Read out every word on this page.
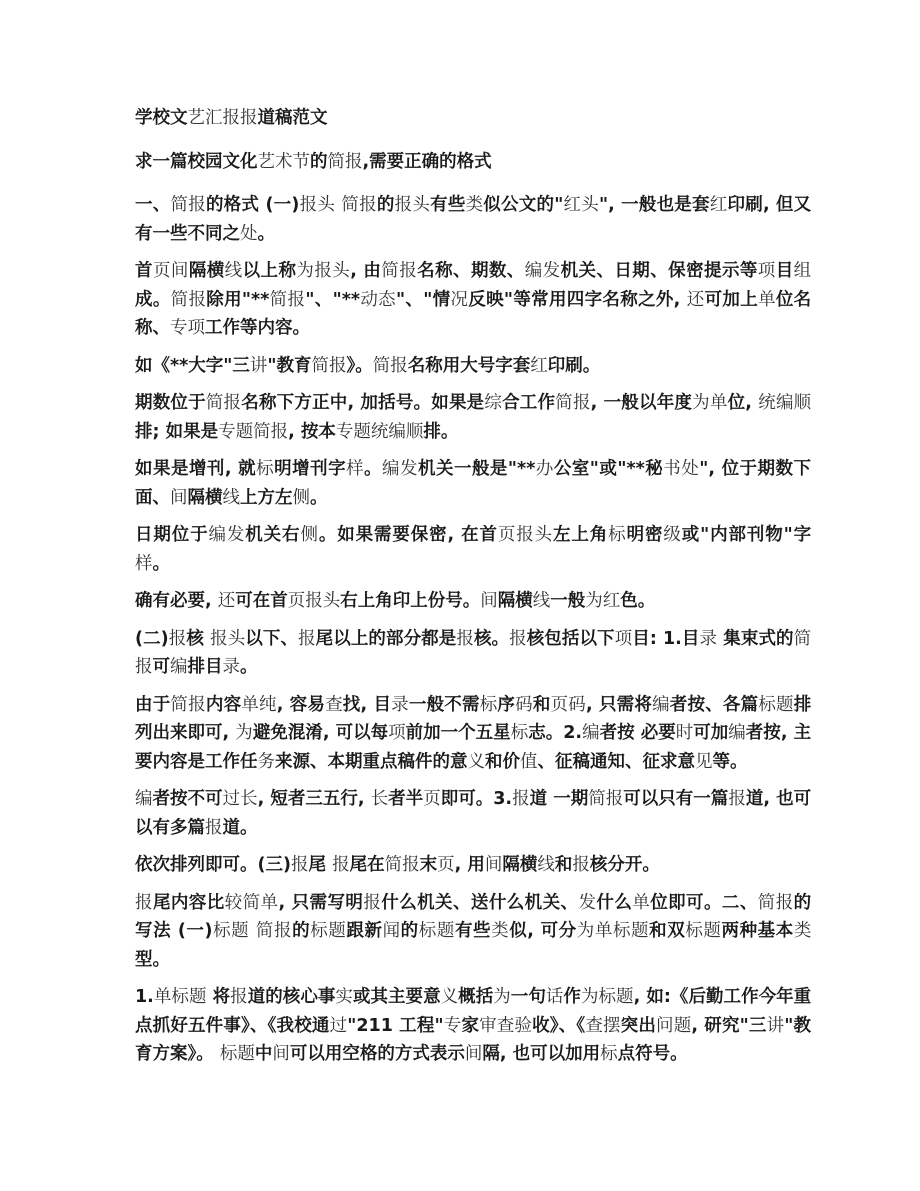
学校文艺汇报报道稿范文

求一篇校园文化艺术节的简报,需要正确的格式

一、简报的格式 (一)报头 简报的报头有些类似公文的"红头", 一般也是套红印刷, 但又有一些不同之处。

首页间隔横线以上称为报头, 由简报名称、期数、编发机关、日期、保密提示等项目组成。简报除用"**简报"、"**动态"、"情况反映"等常用四字名称之外, 还可加上单位名称、专项工作等内容。

如《**大字"三讲"教育简报》。简报名称用大号字套红印刷。

期数位于简报名称下方正中, 加括号。如果是综合工作简报, 一般以年度为单位, 统编顺排; 如果是专题简报, 按本专题统编顺排。

如果是增刊, 就标明增刊字样。编发机关一般是"**办公室"或"**秘书处", 位于期数下面、间隔横线上方左侧。

日期位于编发机关右侧。如果需要保密, 在首页报头左上角标明密级或"内部刊物"字样。

确有必要, 还可在首页报头右上角印上份号。间隔横线一般为红色。

(二)报核 报头以下、报尾以上的部分都是报核。报核包括以下项目: 1.目录 集束式的简报可编排目录。

由于简报内容单纯, 容易查找, 目录一般不需标序码和页码, 只需将编者按、各篇标题排列出来即可, 为避免混淆, 可以每项前加一个五星标志。2.编者按 必要时可加编者按, 主要内容是工作任务来源、本期重点稿件的意义和价值、征稿通知、征求意见等。

编者按不可过长, 短者三五行, 长者半页即可。3.报道 一期简报可以只有一篇报道, 也可以有多篇报道。

依次排列即可。(三)报尾 报尾在简报末页, 用间隔横线和报核分开。

报尾内容比较简单, 只需写明报什么机关、送什么机关、发什么单位即可。二、简报的写法 (一)标题 简报的标题跟新闻的标题有些类似, 可分为单标题和双标题两种基本类型。

1.单标题 将报道的核心事实或其主要意义概括为一句话作为标题, 如:《后勤工作今年重点抓好五件事》、《我校通过"211 工程"专家审查验收》、《查摆突出问题, 研究"三讲"教育方案》。 标题中间可以用空格的方式表示间隔, 也可以加用标点符号。
